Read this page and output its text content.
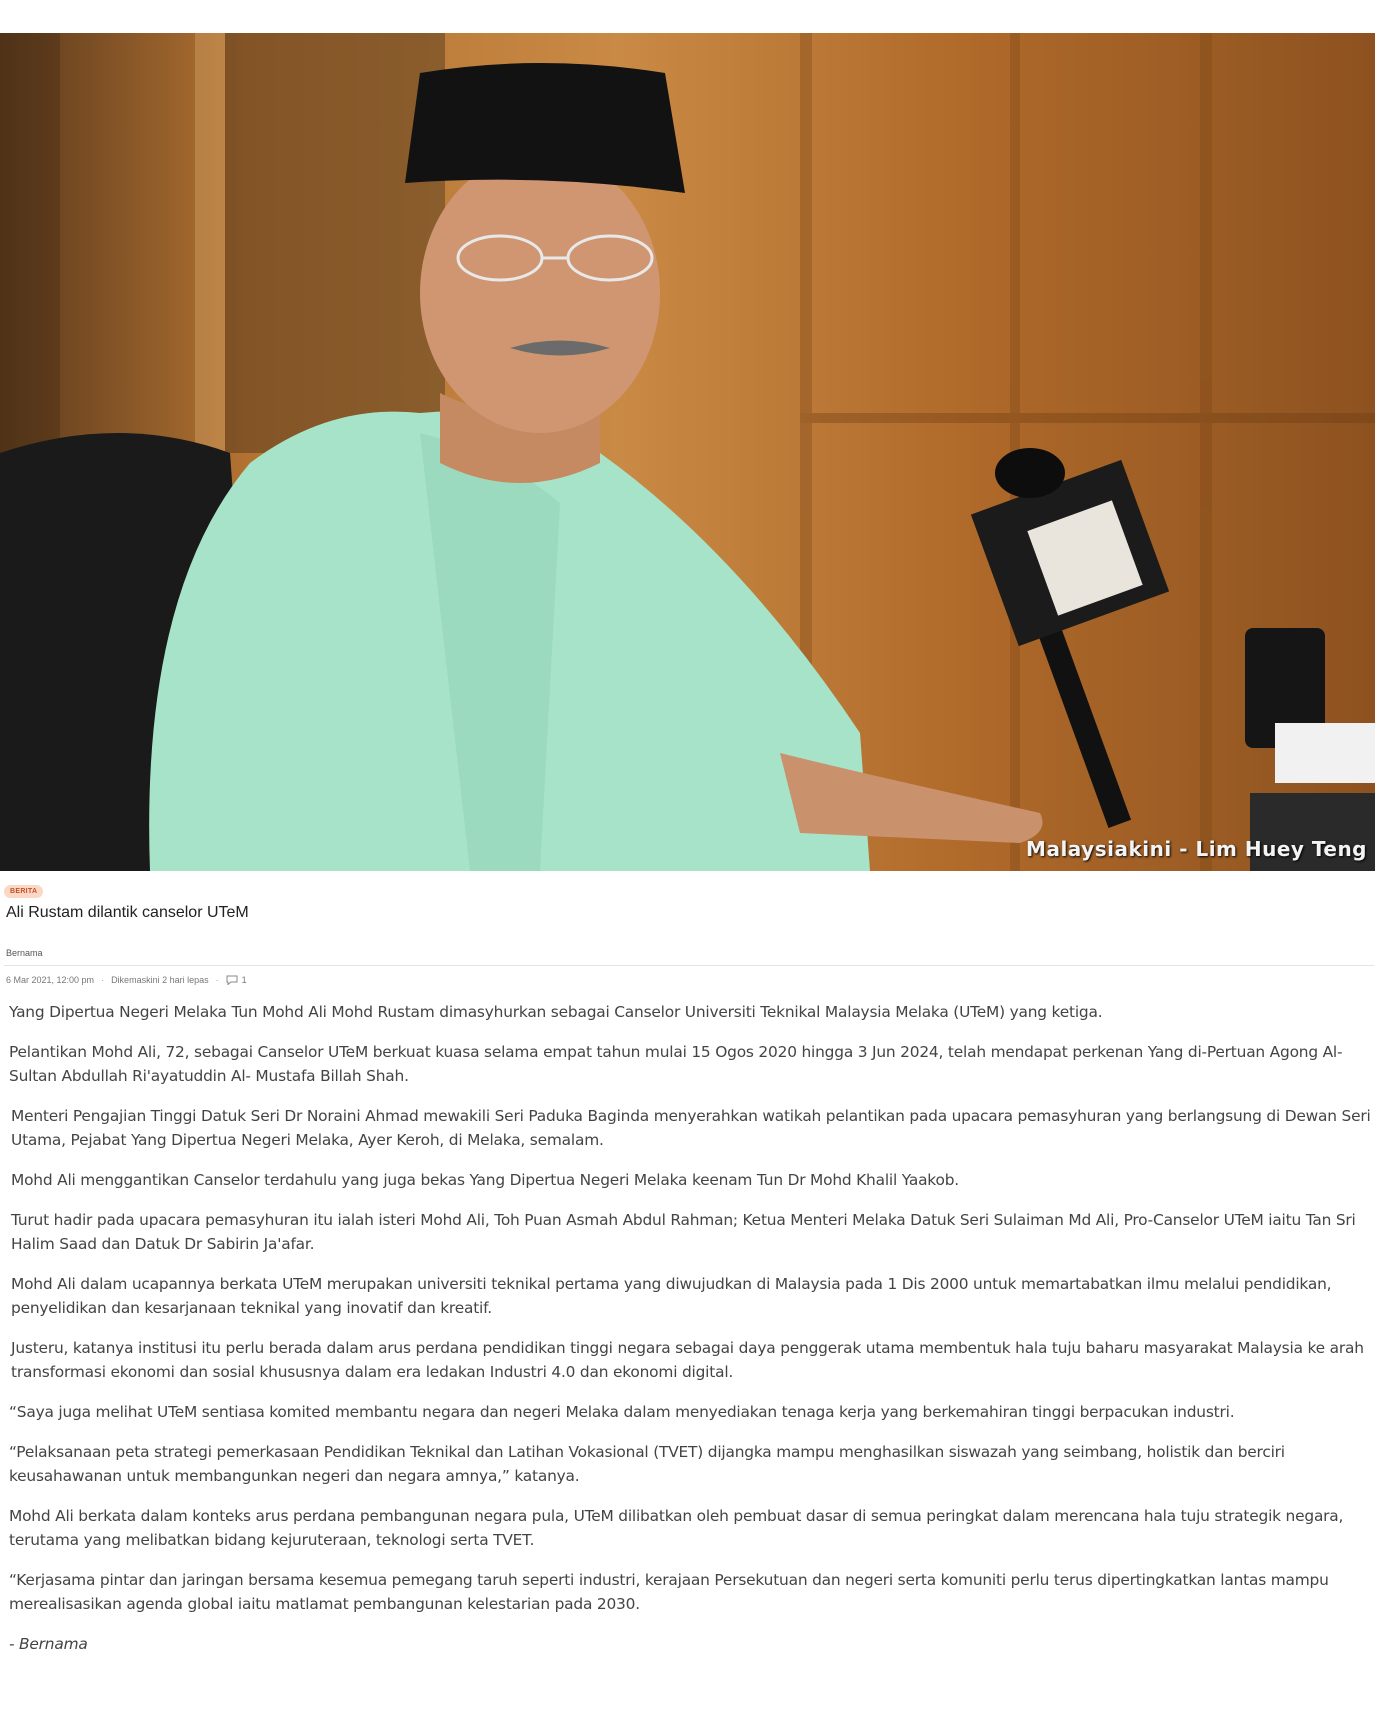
Malaysiakini - Lim Huey Teng
BERITA
Ali Rustam dilantik canselor UTeM
Bernama
6 Mar 2021, 12:00 pm · Dikemaskini 2 hari lepas ·	1

Yang Dipertua Negeri Melaka Tun Mohd Ali Mohd Rustam dimasyhurkan sebagai Canselor Universiti Teknikal Malaysia Melaka (UTeM) yang ketiga.

Pelantikan Mohd Ali, 72, sebagai Canselor UTeM berkuat kuasa selama empat tahun mulai 15 Ogos 2020 hingga 3 Jun 2024, telah mendapat perkenan Yang di-Pertuan Agong Al-Sultan Abdullah Ri'ayatuddin Al- Mustafa Billah Shah.

Menteri Pengajian Tinggi Datuk Seri Dr Noraini Ahmad mewakili Seri Paduka Baginda menyerahkan watikah pelantikan pada upacara pemasyhuran yang berlangsung di Dewan Seri Utama, Pejabat Yang Dipertua Negeri Melaka, Ayer Keroh, di Melaka, semalam.

Mohd Ali menggantikan Canselor terdahulu yang juga bekas Yang Dipertua Negeri Melaka keenam Tun Dr Mohd Khalil Yaakob.

Turut hadir pada upacara pemasyhuran itu ialah isteri Mohd Ali, Toh Puan Asmah Abdul Rahman; Ketua Menteri Melaka Datuk Seri Sulaiman Md Ali, Pro-Canselor UTeM iaitu Tan Sri Halim Saad dan Datuk Dr Sabirin Ja'afar.

Mohd Ali dalam ucapannya berkata UTeM merupakan universiti teknikal pertama yang diwujudkan di Malaysia pada 1 Dis 2000 untuk memartabatkan ilmu melalui pendidikan, penyelidikan dan kesarjanaan teknikal yang inovatif dan kreatif.

Justeru, katanya institusi itu perlu berada dalam arus perdana pendidikan tinggi negara sebagai daya penggerak utama membentuk hala tuju baharu masyarakat Malaysia ke arah transformasi ekonomi dan sosial khususnya dalam era ledakan Industri 4.0 dan ekonomi digital.

“Saya juga melihat UTeM sentiasa komited membantu negara dan negeri Melaka dalam menyediakan tenaga kerja yang berkemahiran tinggi berpacukan industri.

“Pelaksanaan peta strategi pemerkasaan Pendidikan Teknikal dan Latihan Vokasional (TVET) dijangka mampu menghasilkan siswazah yang seimbang, holistik dan berciri keusahawanan untuk membangunkan negeri dan negara amnya,” katanya.

Mohd Ali berkata dalam konteks arus perdana pembangunan negara pula, UTeM dilibatkan oleh pembuat dasar di semua peringkat dalam merencana hala tuju strategik negara, terutama yang melibatkan bidang kejuruteraan, teknologi serta TVET.

“Kerjasama pintar dan jaringan bersama kesemua pemegang taruh seperti industri, kerajaan Persekutuan dan negeri serta komuniti perlu terus dipertingkatkan lantas mampu merealisasikan agenda global iaitu matlamat pembangunan kelestarian pada 2030.

- Bernama
